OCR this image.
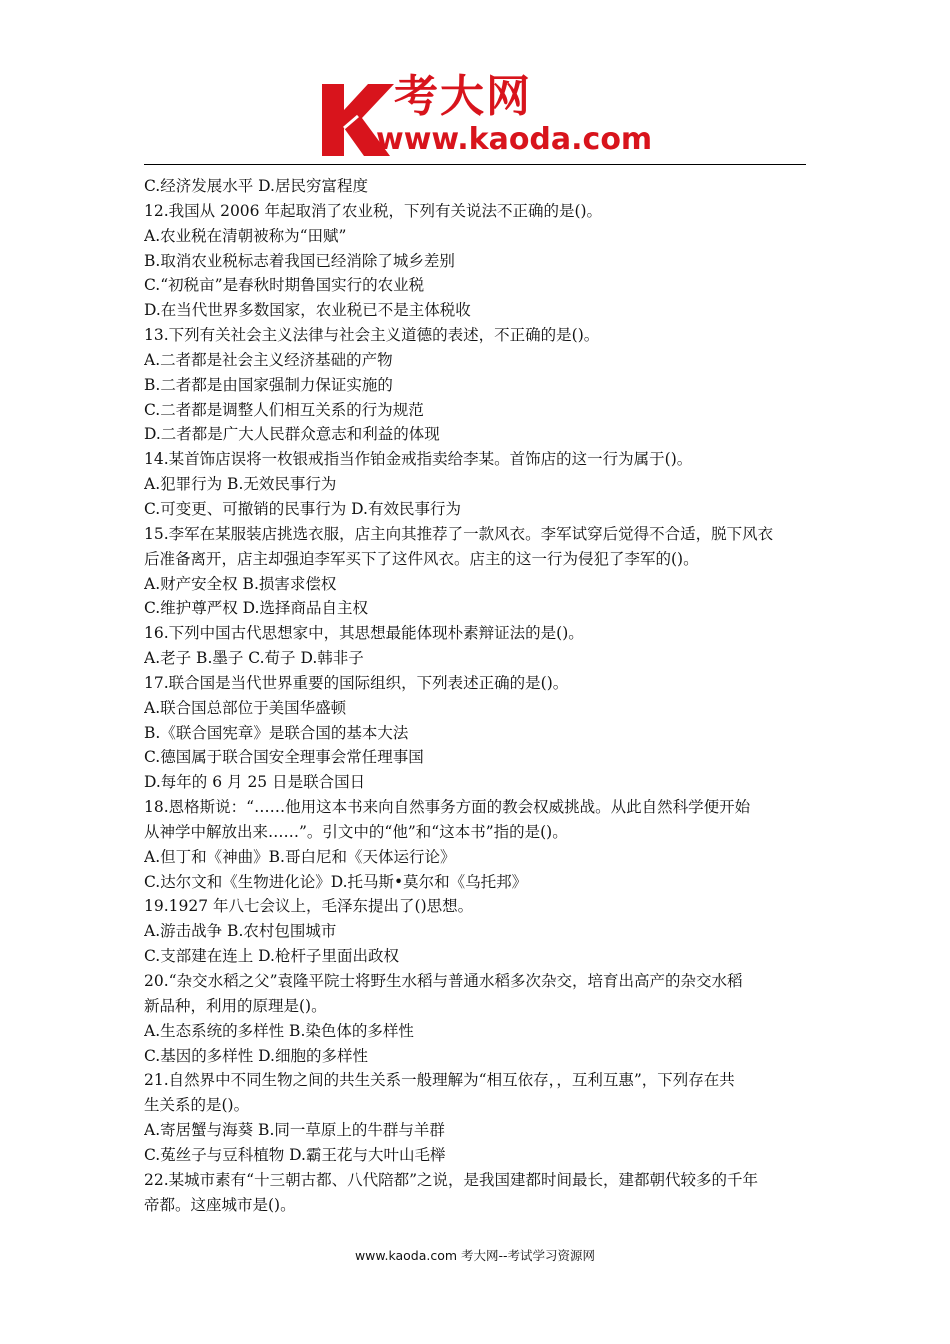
考大网
www.kaoda.com
C.经济发展水平 D.居民穷富程度
12.我国从 2006 年起取消了农业税，下列有关说法不正确的是()。
A.农业税在清朝被称为“田赋”
B.取消农业税标志着我国已经消除了城乡差别
C.“初税亩”是春秋时期鲁国实行的农业税
D.在当代世界多数国家，农业税已不是主体税收
13.下列有关社会主义法律与社会主义道德的表述，不正确的是()。
A.二者都是社会主义经济基础的产物
B.二者都是由国家强制力保证实施的
C.二者都是调整人们相互关系的行为规范
D.二者都是广大人民群众意志和利益的体现
14.某首饰店误将一枚银戒指当作铂金戒指卖给李某。首饰店的这一行为属于()。
A.犯罪行为 B.无效民事行为
C.可变更、可撤销的民事行为 D.有效民事行为
15.李军在某服装店挑选衣服，店主向其推荐了一款风衣。李军试穿后觉得不合适，脱下风衣
后准备离开，店主却强迫李军买下了这件风衣。店主的这一行为侵犯了李军的()。
A.财产安全权 B.损害求偿权
C.维护尊严权 D.选择商品自主权
16.下列中国古代思想家中，其思想最能体现朴素辩证法的是()。
A.老子 B.墨子 C.荀子 D.韩非子
17.联合国是当代世界重要的国际组织，下列表述正确的是()。
A.联合国总部位于美国华盛顿
B.《联合国宪章》是联合国的基本大法
C.德国属于联合国安全理事会常任理事国
D.每年的 6 月 25 日是联合国日
18.恩格斯说：“……他用这本书来向自然事务方面的教会权威挑战。从此自然科学便开始
从神学中解放出来……”。引文中的“他”和“这本书”指的是()。
A.但丁和《神曲》B.哥白尼和《天体运行论》
C.达尔文和《生物进化论》D.托马斯•莫尔和《乌托邦》
19.1927 年八七会议上，毛泽东提出了()思想。
A.游击战争 B.农村包围城市
C.支部建在连上 D.枪杆子里面出政权
20.“杂交水稻之父”袁隆平院士将野生水稻与普通水稻多次杂交，培育出高产的杂交水稻
新品种，利用的原理是()。
A.生态系统的多样性 B.染色体的多样性
C.基因的多样性 D.细胞的多样性
21.自然界中不同生物之间的共生关系一般理解为“相互依存，，互利互惠”，下列存在共
生关系的是()。
A.寄居蟹与海葵 B.同一草原上的牛群与羊群
C.菟丝子与豆科植物 D.霸王花与大叶山毛榉
22.某城市素有“十三朝古都、八代陪都”之说，是我国建都时间最长，建都朝代较多的千年
帝都。这座城市是()。
www.kaoda.com 考大网--考试学习资源网
